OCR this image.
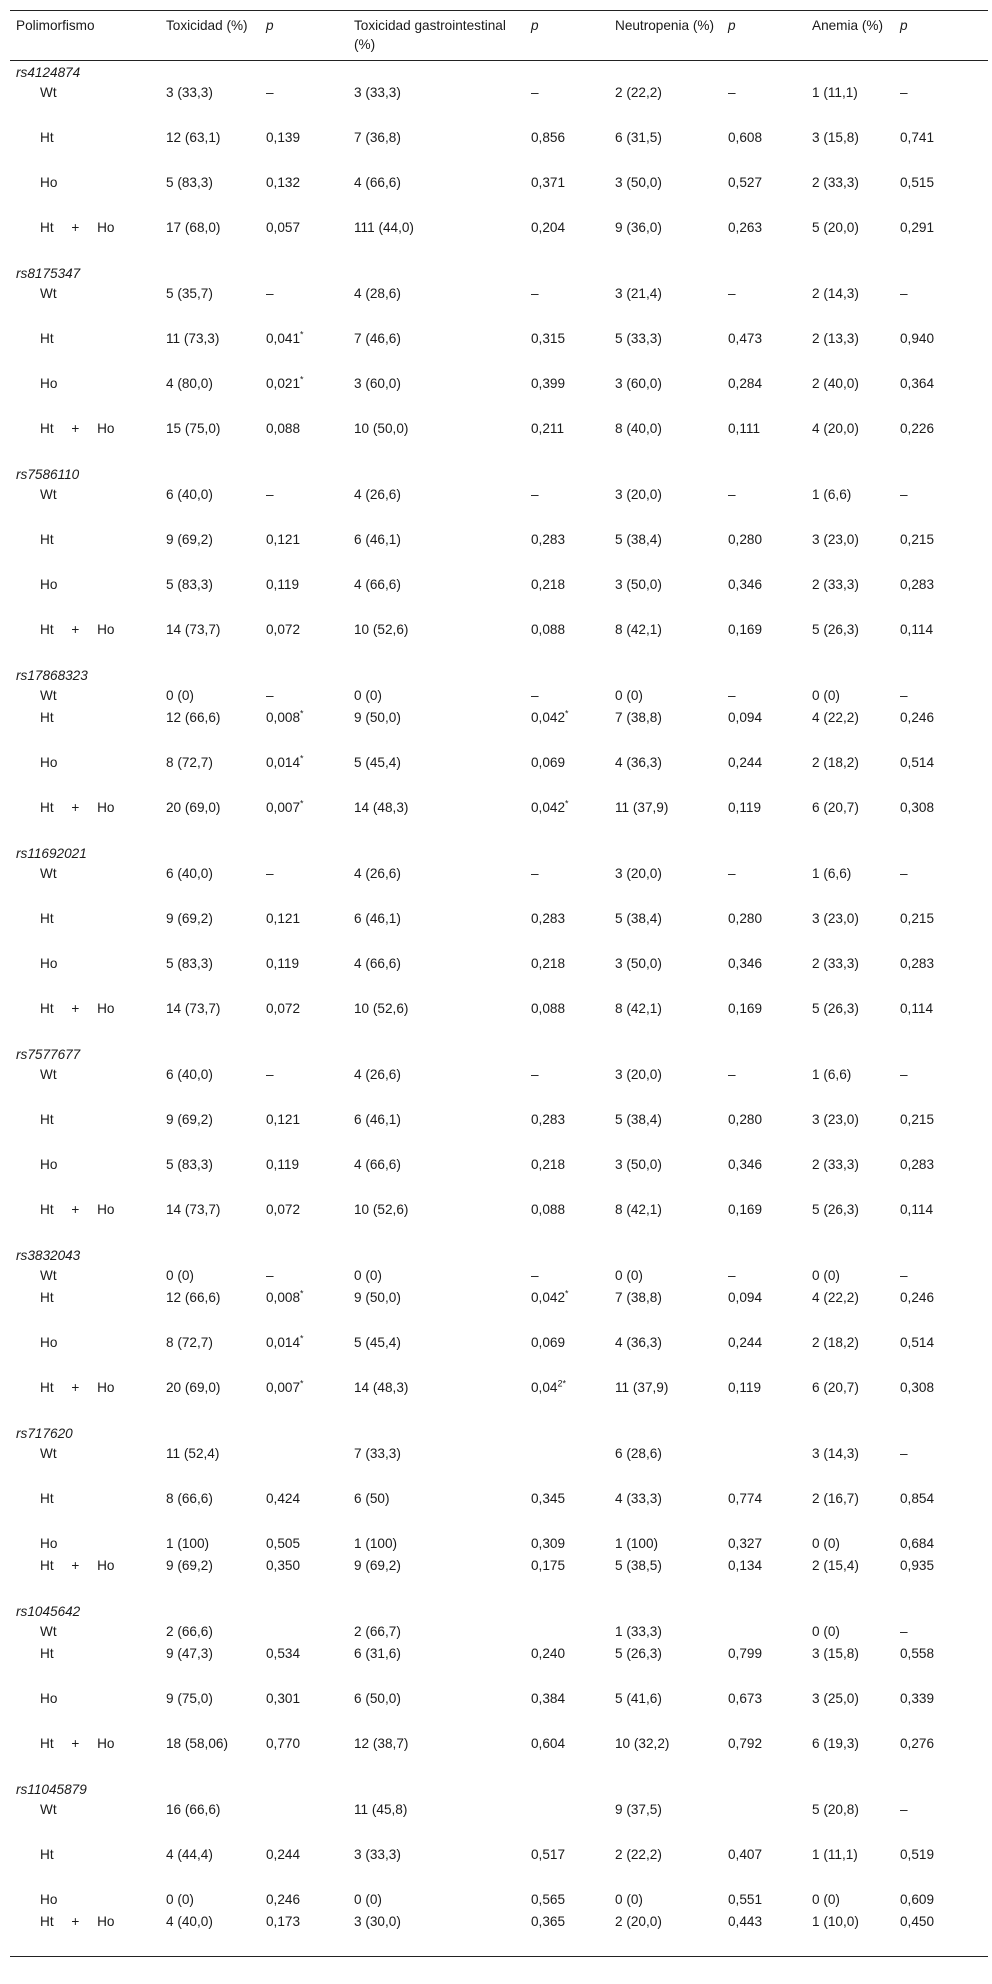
Polimorfismo	Toxicidad (%)	p	Toxicidad gastrointestinal (%)	p	Neutropenia (%)	p	Anemia (%)	p
rs4124874								
Wt	3 (33,3)	–	3 (33,3)	–	2 (22,2)	–	1 (11,1)	–
Ht	12 (63,1)	0,139	7 (36,8)	0,856	6 (31,5)	0,608	3 (15,8)	0,741
Ho	5 (83,3)	0,132	4 (66,6)	0,371	3 (50,0)	0,527	2 (33,3)	0,515
Ht + Ho	17 (68,0)	0,057	111 (44,0)	0,204	9 (36,0)	0,263	5 (20,0)	0,291
rs8175347								
Wt	5 (35,7)	–	4 (28,6)	–	3 (21,4)	–	2 (14,3)	–
Ht	11 (73,3)	0,041*	7 (46,6)	0,315	5 (33,3)	0,473	2 (13,3)	0,940
Ho	4 (80,0)	0,021*	3 (60,0)	0,399	3 (60,0)	0,284	2 (40,0)	0,364
Ht + Ho	15 (75,0)	0,088	10 (50,0)	0,211	8 (40,0)	0,111	4 (20,0)	0,226
rs7586110								
Wt	6 (40,0)	–	4 (26,6)	–	3 (20,0)	–	1 (6,6)	–
Ht	9 (69,2)	0,121	6 (46,1)	0,283	5 (38,4)	0,280	3 (23,0)	0,215
Ho	5 (83,3)	0,119	4 (66,6)	0,218	3 (50,0)	0,346	2 (33,3)	0,283
Ht + Ho	14 (73,7)	0,072	10 (52,6)	0,088	8 (42,1)	0,169	5 (26,3)	0,114
rs17868323								
Wt	0 (0)	–	0 (0)	–	0 (0)	–	0 (0)	–
Ht	12 (66,6)	0,008*	9 (50,0)	0,042*	7 (38,8)	0,094	4 (22,2)	0,246
Ho	8 (72,7)	0,014*	5 (45,4)	0,069	4 (36,3)	0,244	2 (18,2)	0,514
Ht + Ho	20 (69,0)	0,007*	14 (48,3)	0,042*	11 (37,9)	0,119	6 (20,7)	0,308
rs11692021								
Wt	6 (40,0)	–	4 (26,6)	–	3 (20,0)	–	1 (6,6)	–
Ht	9 (69,2)	0,121	6 (46,1)	0,283	5 (38,4)	0,280	3 (23,0)	0,215
Ho	5 (83,3)	0,119	4 (66,6)	0,218	3 (50,0)	0,346	2 (33,3)	0,283
Ht + Ho	14 (73,7)	0,072	10 (52,6)	0,088	8 (42,1)	0,169	5 (26,3)	0,114
rs7577677								
Wt	6 (40,0)	–	4 (26,6)	–	3 (20,0)	–	1 (6,6)	–
Ht	9 (69,2)	0,121	6 (46,1)	0,283	5 (38,4)	0,280	3 (23,0)	0,215
Ho	5 (83,3)	0,119	4 (66,6)	0,218	3 (50,0)	0,346	2 (33,3)	0,283
Ht + Ho	14 (73,7)	0,072	10 (52,6)	0,088	8 (42,1)	0,169	5 (26,3)	0,114
rs3832043								
Wt	0 (0)	–	0 (0)	–	0 (0)	–	0 (0)	–
Ht	12 (66,6)	0,008*	9 (50,0)	0,042*	7 (38,8)	0,094	4 (22,2)	0,246
Ho	8 (72,7)	0,014*	5 (45,4)	0,069	4 (36,3)	0,244	2 (18,2)	0,514
Ht + Ho	20 (69,0)	0,007*	14 (48,3)	$0,04^{2*}$	11 (37,9)	0,119	6 (20,7)	0,308
rs717620								
Wt	11 (52,4)		7 (33,3)		6 (28,6)		3 (14,3)	–
Ht	8 (66,6)	0,424	6 (50)	0,345	4 (33,3)	0,774	2 (16,7)	0,854
Ho	1 (100)	0,505	1 (100)	0,309	1 (100)	0,327	0 (0)	0,684
Ht + Ho	9 (69,2)	0,350	9 (69,2)	0,175	5 (38,5)	0,134	2 (15,4)	0,935
rs1045642								
Wt	2 (66,6)		2 (66,7)		1 (33,3)		0 (0)	–
Ht	9 (47,3)	0,534	6 (31,6)	0,240	5 (26,3)	0,799	3 (15,8)	0,558
Ho	9 (75,0)	0,301	6 (50,0)	0,384	5 (41,6)	0,673	3 (25,0)	0,339
Ht + Ho	18 (58,06)	0,770	12 (38,7)	0,604	10 (32,2)	0,792	6 (19,3)	0,276
rs11045879								
Wt	16 (66,6)		11 (45,8)		9 (37,5)		5 (20,8)	–
Ht	4 (44,4)	0,244	3 (33,3)	0,517	2 (22,2)	0,407	1 (11,1)	0,519
Ho	0 (0)	0,246	0 (0)	0,565	0 (0)	0,551	0 (0)	0,609
Ht + Ho	4 (40,0)	0,173	3 (30,0)	0,365	2 (20,0)	0,443	1 (10,0)	0,450
